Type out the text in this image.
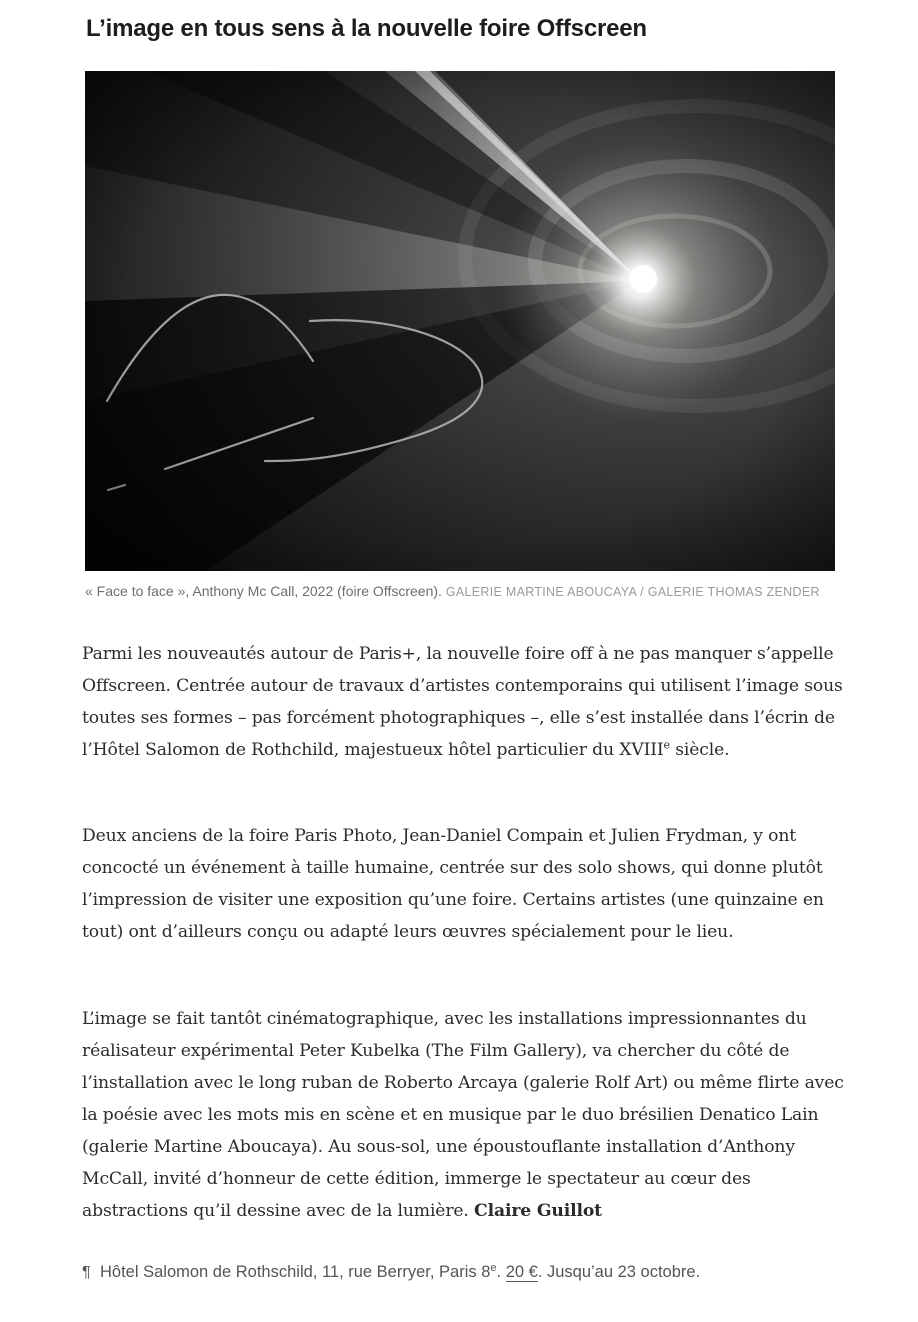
L’image en tous sens à la nouvelle foire Offscreen
« Face to face », Anthony Mc Call, 2022 (foire Offscreen). GALERIE MARTINE ABOUCAYA / GALERIE THOMAS ZENDER

Parmi les nouveautés autour de Paris+, la nouvelle foire off à ne pas manquer s’appelle Offscreen. Centrée autour de travaux d’artistes contemporains qui utilisent l’image sous toutes ses formes – pas forcément photographiques –, elle s’est installée dans l’écrin de l’Hôtel Salomon de Rothchild, majestueux hôtel particulier du XVIIIe siècle.

Deux anciens de la foire Paris Photo, Jean-Daniel Compain et Julien Frydman, y ont concocté un événement à taille humaine, centrée sur des solo shows, qui donne plutôt l’impression de visiter une exposition qu’une foire. Certains artistes (une quinzaine en tout) ont d’ailleurs conçu ou adapté leurs œuvres spécialement pour le lieu.

L’image se fait tantôt cinématographique, avec les installations impressionnantes du réalisateur expérimental Peter Kubelka (The Film Gallery), va chercher du côté de l’installation avec le long ruban de Roberto Arcaya (galerie Rolf Art) ou même flirte avec la poésie avec les mots mis en scène et en musique par le duo brésilien Denatico Lain (galerie Martine Aboucaya). Au sous-sol, une époustouflante installation d’Anthony McCall, invité d’honneur de cette édition, immerge le spectateur au cœur des abstractions qu’il dessine avec de la lumière. Claire Guillot

¶ Hôtel Salomon de Rothschild, 11, rue Berryer, Paris 8e. 20 €. Jusqu’au 23 octobre.
